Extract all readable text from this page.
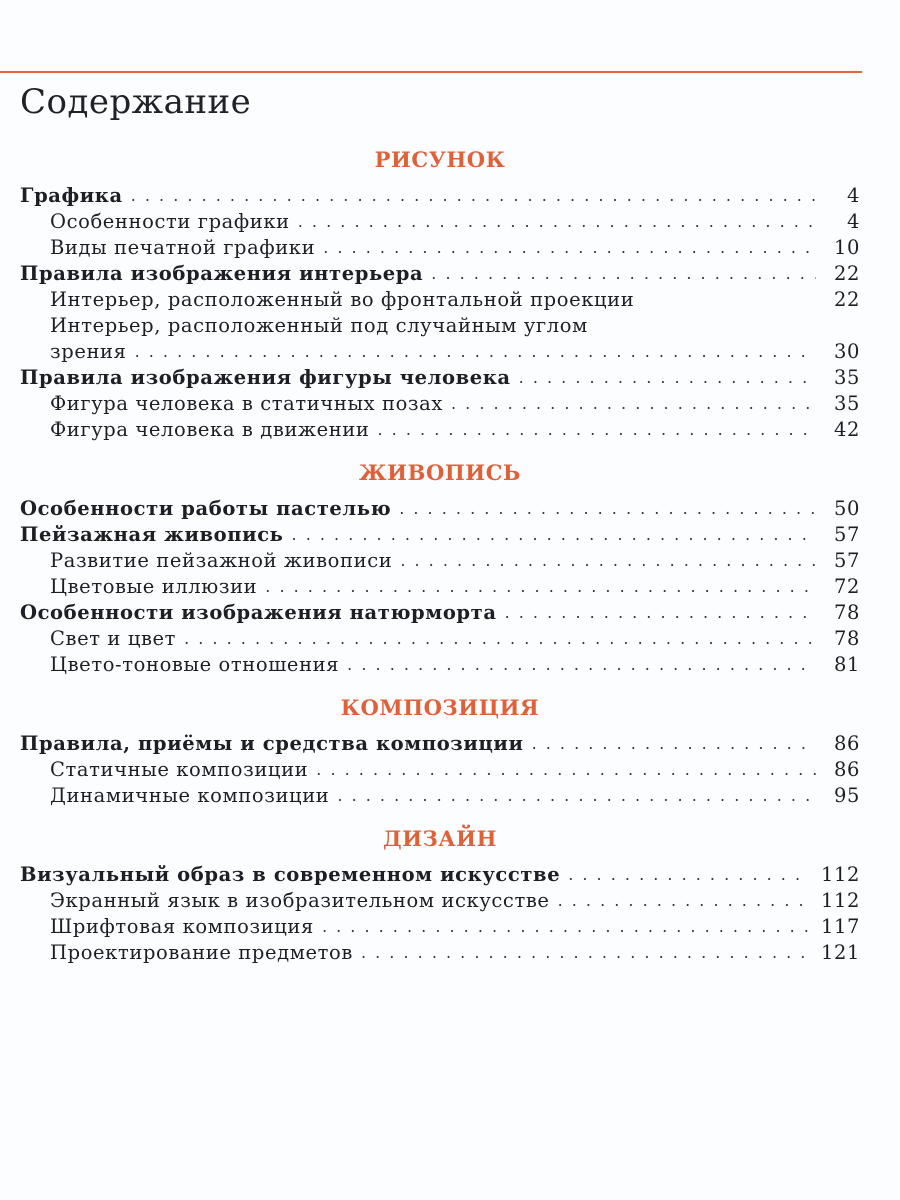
Содержание
РИСУНОК
Графика . . .	4
Особенности графики . . .	4
Виды печатной графики . . .	10
Правила изображения интерьера . . .	22
Интерьер, расположенный во фронтальной проекции	22
Интерьер, расположенный под случайным углом
зрения . . .	30
Правила изображения фигуры человека . . .	35
Фигура человека в статичных позах . . .	35
Фигура человека в движении . . .	42
ЖИВОПИСЬ
Особенности работы пастелью . . .	50
Пейзажная живопись . . .	57
Развитие пейзажной живописи . . .	57
Цветовые иллюзии . . .	72
Особенности изображения натюрморта . . .	78
Свет и цвет . . .	78
Цвето-тоновые отношения . . .	81
КОМПОЗИЦИЯ
Правила, приёмы и средства композиции . . .	86
Статичные композиции . . .	86
Динамичные композиции . . .	95
ДИЗАЙН
Визуальный образ в современном искусстве . . .	112
Экранный язык в изобразительном искусстве . . .	112
Шрифтовая композиция . . .	117
Проектирование предметов . . .	121
